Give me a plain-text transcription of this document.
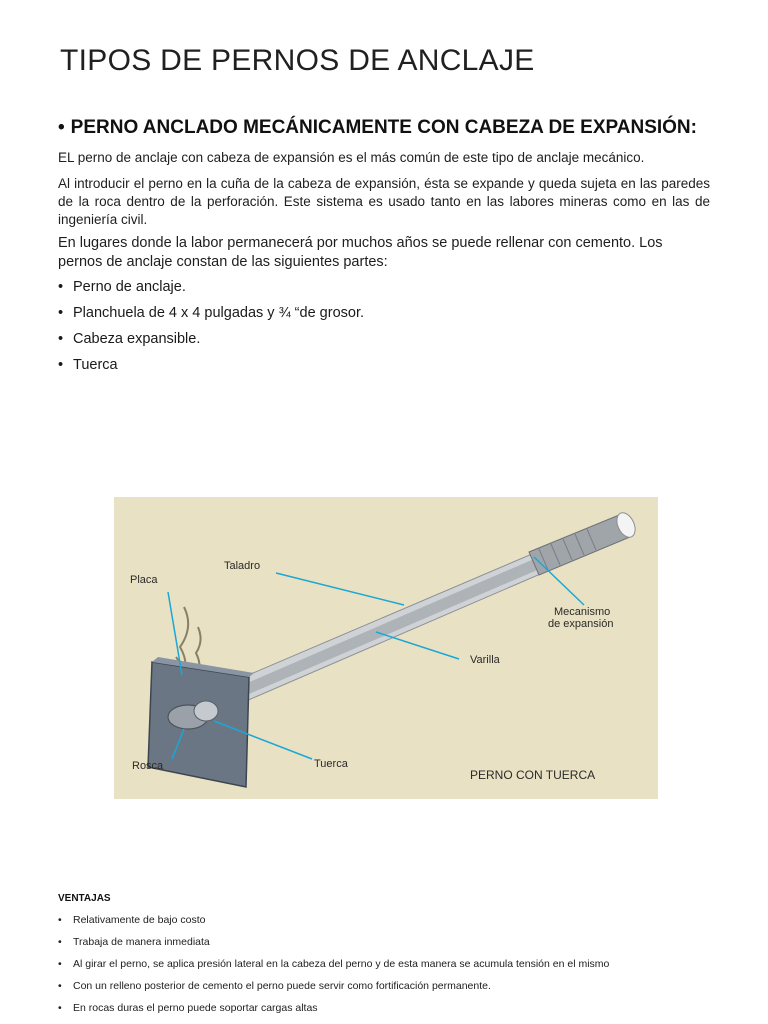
TIPOS DE PERNOS DE ANCLAJE
• PERNO ANCLADO MECÁNICAMENTE CON CABEZA DE EXPANSIÓN:

EL perno de anclaje con cabeza de expansión es el más común de este tipo de anclaje mecánico.

Al introducir el perno en la cuña de la cabeza de expansión, ésta se expande y queda sujeta en las paredes de la roca dentro de la perforación. Este sistema es usado tanto en las labores mineras como en las de ingeniería civil.

En lugares donde la labor permanecerá por muchos años se puede rellenar con cemento. Los pernos de anclaje constan de las siguientes partes:

• Perno de anclaje.
• Planchuela de 4 x 4 pulgadas y ¾ “de grosor.
• Cabeza expansible.
• Tuerca
Placa
Taladro
Mecanismo
de expansión
Varilla
Rosca	Tuerca
PERNO CON TUERCA
VENTAJAS
•	Relativamente de bajo costo
•	Trabaja de manera inmediata
•	Al girar el perno, se aplica presión lateral en la cabeza del perno y de esta manera se acumula tensión en el mismo
•	Con un relleno posterior de cemento el perno puede servir como fortificación permanente.
•	En rocas duras el perno puede soportar cargas altas
